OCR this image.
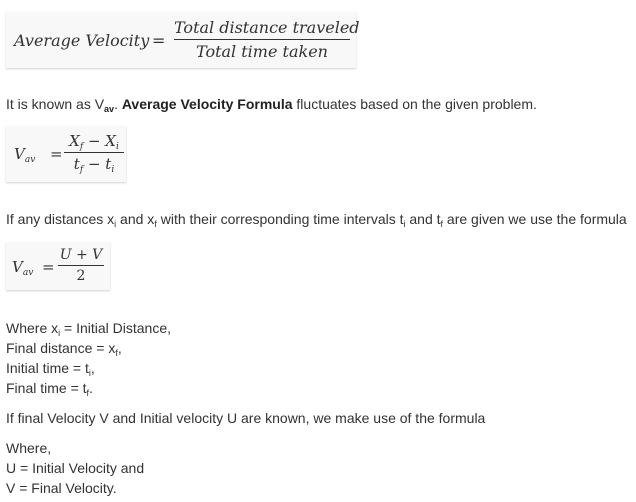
Average Velocity =
Total distance traveled
Total time taken
It is known as $V_{av}$. Average Velocity Formula fluctuates based on the given problem.
$V_{av}$ =
$X_f - X_i$
$t_f - t_i$
If any distances $x_i$ and $x_f$ with their corresponding time intervals $t_i$ and $t_f$ are given we use the formula
$V_{av}$ =
U + V
2
Where $x_i$ = Initial Distance,
Final distance = $x_f$,
Initial time = $t_i$,
Final time = $t_f$.
If final Velocity V and Initial velocity U are known, we make use of the formula
Where,
U = Initial Velocity and
V = Final Velocity.
